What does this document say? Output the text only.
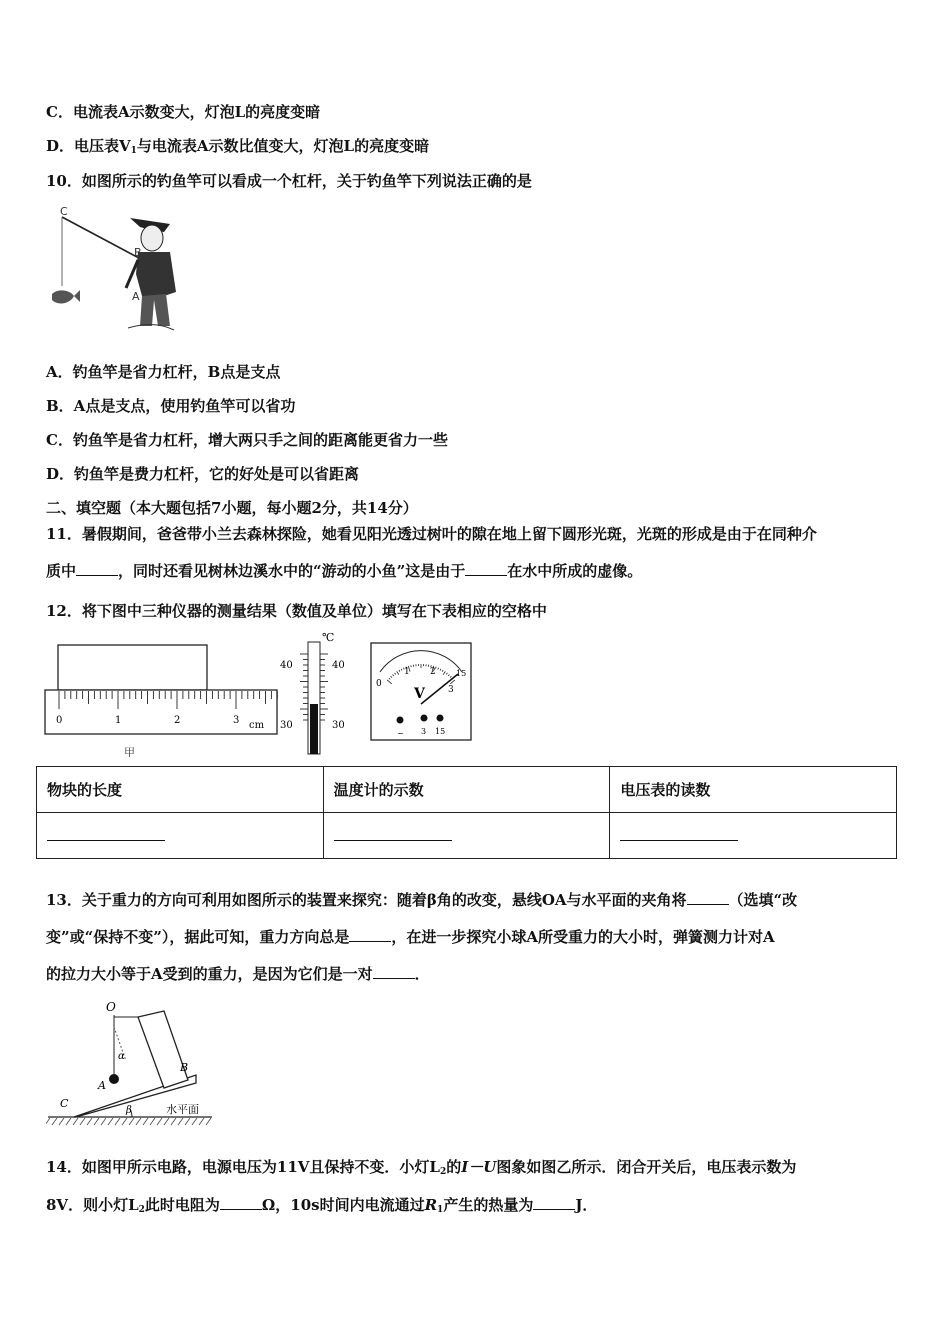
C．电流表A示数变大，灯泡L的亮度变暗
D．电压表$V_1$与电流表A示数比值变大，灯泡L的亮度变暗
10．如图所示的钓鱼竿可以看成一个杠杆，关于钓鱼竿下列说法正确的是
C
B
A
A．钓鱼竿是省力杠杆，B点是支点
B．A点是支点，使用钓鱼竿可以省功
C．钓鱼竿是省力杠杆，增大两只手之间的距离能更省力一些
D．钓鱼竿是费力杠杆，它的好处是可以省距离
二、填空题（本大题包括7小题，每小题2分，共14分）
11．暑假期间，爸爸带小兰去森林探险，她看见阳光透过树叶的隙在地上留下圆形光斑，光斑的形成是由于在同种介
质中	，同时还看见树林边溪水中的“游动的小鱼”这是由于	在水中所成的虚像。
12．将下图中三种仪器的测量结果（数值及单位）填写在下表相应的空格中
0	1	2	3 cm
甲
℃
40
30
40
30
0
1 2
3
15
V
− 3 15
物块的长度	温度计的示数	电压表的读数

13．关于重力的方向可利用如图所示的装置来探究：随着β角的改变，悬线OA与水平面的夹角将	（选填“改
变”或“保持不变”），据此可知，重力方向总是	，在进一步探究小球A所受重力的大小时，弹簧测力计对A
的拉力大小等于A受到的重力，是因为它们是一对	．
O
α
A
B
C
β	水平面
14．如图甲所示电路，电源电压为11V且保持不变．小灯$L_2$的I－U图象如图乙所示．闭合开关后，电压表示数为
8V．则小灯$L_2$此时电阻为	Ω，10s时间内电流通过$R_1$产生的热量为	J．
